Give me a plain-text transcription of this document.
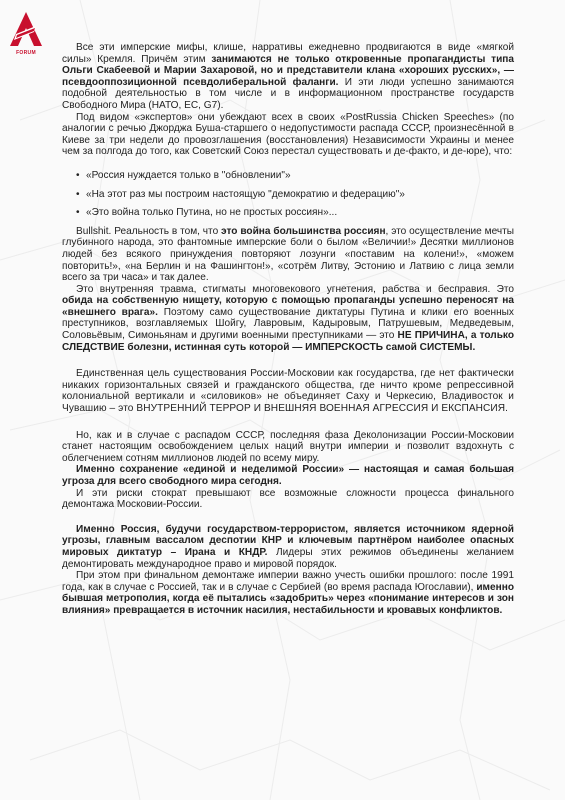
FORUM	Все эти имперские мифы, клише, нарративы ежедневно продвигаются в виде «мягкой силы» Кремля. Причём этим занимаются не только откровенные пропагандисты типа Ольги Скабеевой и Марии Захаровой, но и представители клана «хороших русских», — псевдооппозиционной псевдолиберальной фаланги. И эти люди успешно занимаются подобной деятельностью в том числе и в информационном пространстве государств Свободного Мира (НАТО, ЕС, G7).

Под видом «экспертов» они убеждают всех в своих «PostRussia Chicken Speeches» (по аналогии с речью Джорджа Буша-старшего о недопустимости распада СССР, произнесённой в Киеве за три недели до провозглашения (восстановления) Независимости Украины и менее чем за полгода до того, как Советский Союз перестал существовать и де-факто, и де-юре), что:

• «Россия нуждается только в "обновлении"»
• «На этот раз мы построим настоящую "демократию и федерацию"»
• «Это война только Путина, но не простых россиян»...

Bullshit. Реальность в том, что это война большинства россиян, это осуществление мечты глубинного народа, это фантомные имперские боли о былом «Величии!» Десятки миллионов людей без всякого принуждения повторяют лозунги «поставим на колени!», «можем повторить!», «на Берлин и на Фашингтон!», «сотрём Литву, Эстонию и Латвию с лица земли всего за три часа» и так далее.

Это внутренняя травма, стигматы многовекового угнетения, рабства и бесправия. Это обида на собственную нищету, которую с помощью пропаганды успешно переносят на «внешнего врага». Поэтому само существование диктатуры Путина и клики его военных преступников, возглавляемых Шойгу, Лавровым, Кадыровым, Патрушевым, Медведевым, Соловьёвым, Симоньянам и другими военными преступниками — это НЕ ПРИЧИНА, а только СЛЕДСТВИЕ болезни, истинная суть которой — ИМПЕРСКОСТЬ самой СИСТЕМЫ.

Единственная цель существования России-Московии как государства, где нет фактически никаких горизонтальных связей и гражданского общества, где ничто кроме репрессивной колониальной вертикали и «силовиков» не объединяет Саху и Черкесию, Владивосток и Чувашию – это ВНУТРЕННИЙ ТЕРРОР И ВНЕШНЯЯ ВОЕННАЯ АГРЕССИЯ И ЕКСПАНСИЯ.

Но, как и в случае с распадом СССР, последняя фаза Деколонизации России-Московии станет настоящим освобождением целых наций внутри империи и позволит вздохнуть с облегчением сотням миллионов людей по всему миру.

Именно сохранение «единой и неделимой России» — настоящая и самая большая угроза для всего свободного мира сегодня.

И эти риски стократ превышают все возможные сложности процесса финального демонтажа Московии-России.

Именно Россия, будучи государством-террористом, является источником ядерной угрозы, главным вассалом деспотии КНР и ключевым партнёром наиболее опасных мировых диктатур – Ирана и КНДР. Лидеры этих режимов объединены желанием демонтировать международное право и мировой порядок.

При этом при финальном демонтаже империи важно учесть ошибки прошлого: после 1991 года, как в случае с Россией, так и в случае с Сербией (во время распада Югославии), именно бывшая метрополия, когда её пытались «задобрить» через «понимание интересов и зон влияния» превращается в источник насилия, нестабильности и кровавых конфликтов.
